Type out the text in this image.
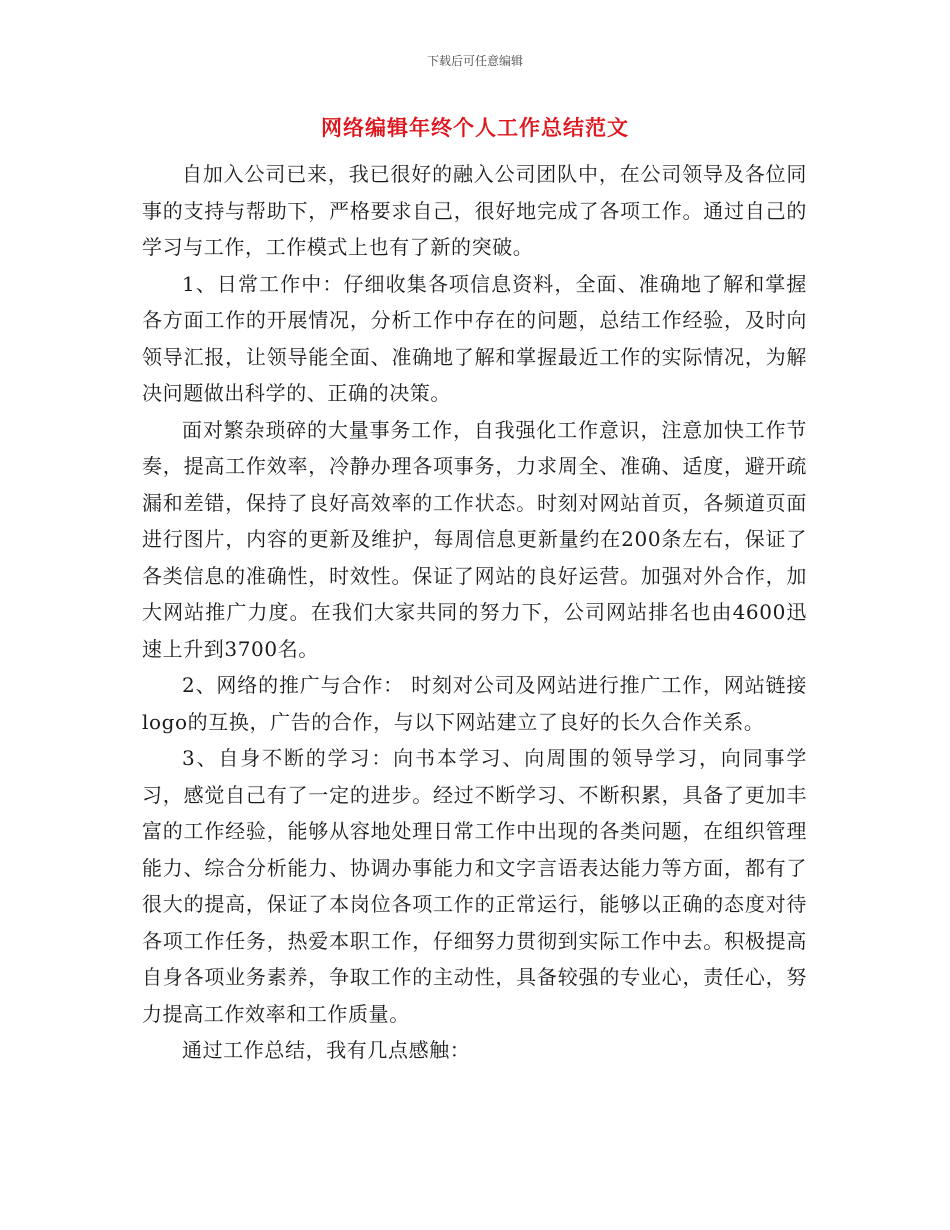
下载后可任意编辑
网络编辑年终个人工作总结范文

自加入公司已来，我已很好的融入公司团队中，在公司领导及各位同事的支持与帮助下，严格要求自己，很好地完成了各项工作。通过自己的学习与工作，工作模式上也有了新的突破。

1、日常工作中：仔细收集各项信息资料，全面、准确地了解和掌握各方面工作的开展情况，分析工作中存在的问题，总结工作经验，及时向领导汇报，让领导能全面、准确地了解和掌握最近工作的实际情况，为解决问题做出科学的、正确的决策。

面对繁杂琐碎的大量事务工作，自我强化工作意识，注意加快工作节奏，提高工作效率，冷静办理各项事务，力求周全、准确、适度，避开疏漏和差错，保持了良好高效率的工作状态。时刻对网站首页，各频道页面进行图片，内容的更新及维护，每周信息更新量约在200条左右，保证了各类信息的准确性，时效性。保证了网站的良好运营。加强对外合作，加大网站推广力度。在我们大家共同的努力下，公司网站排名也由4600迅速上升到3700名。

2、网络的推广与合作： 时刻对公司及网站进行推广工作，网站链接logo的互换，广告的合作，与以下网站建立了良好的长久合作关系。

3、自身不断的学习：向书本学习、向周围的领导学习，向同事学习，感觉自己有了一定的进步。经过不断学习、不断积累，具备了更加丰富的工作经验，能够从容地处理日常工作中出现的各类问题，在组织管理能力、综合分析能力、协调办事能力和文字言语表达能力等方面，都有了很大的提高，保证了本岗位各项工作的正常运行，能够以正确的态度对待各项工作任务，热爱本职工作，仔细努力贯彻到实际工作中去。积极提高自身各项业务素养，争取工作的主动性，具备较强的专业心，责任心，努力提高工作效率和工作质量。

通过工作总结，我有几点感触：
